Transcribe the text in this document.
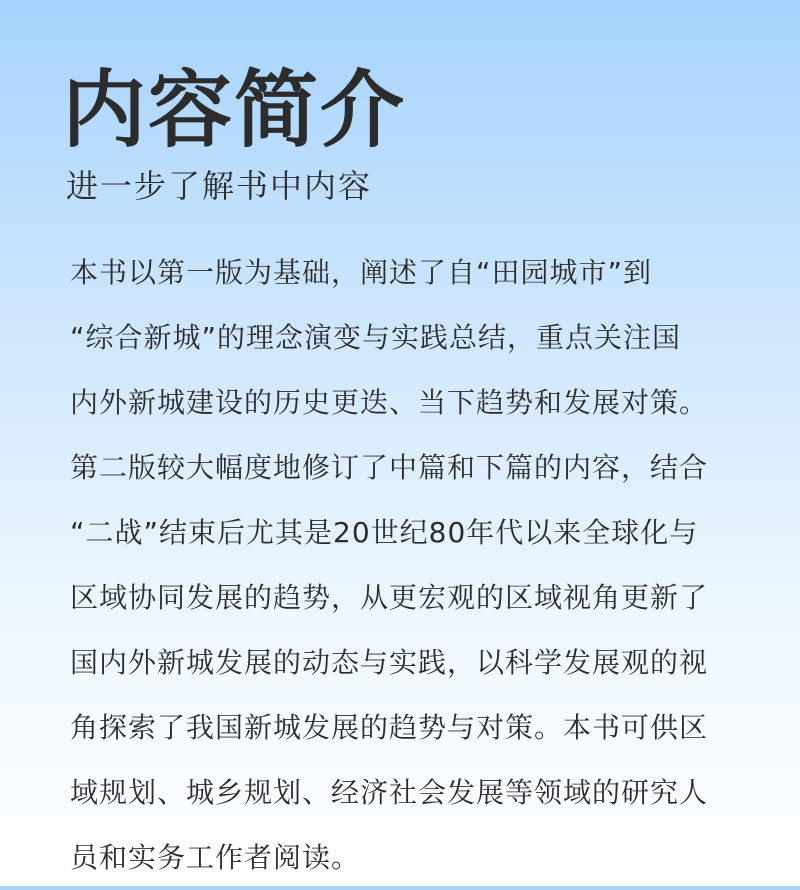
内容简介
进一步了解书中内容
本书以第一版为基础，阐述了自“田园城市”到
“综合新城”的理念演变与实践总结，重点关注国
内外新城建设的历史更迭、当下趋势和发展对策。
第二版较大幅度地修订了中篇和下篇的内容，结合
“二战”结束后尤其是20世纪80年代以来全球化与
区域协同发展的趋势，从更宏观的区域视角更新了
国内外新城发展的动态与实践，以科学发展观的视
角探索了我国新城发展的趋势与对策。本书可供区
域规划、城乡规划、经济社会发展等领域的研究人
员和实务工作者阅读。
